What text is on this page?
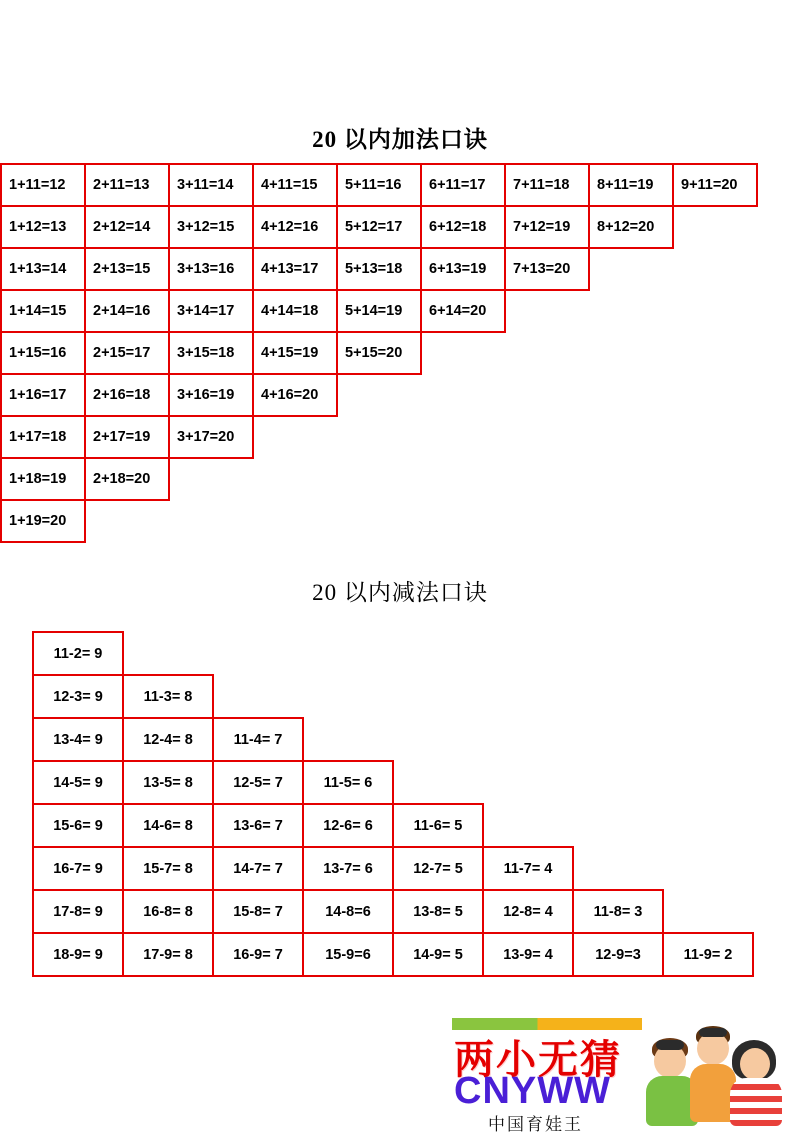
20 以内加法口诀
1+11=12	2+11=13	3+11=14	4+11=15	5+11=16	6+11=17	7+11=18	8+11=19	9+11=20
1+12=13	2+12=14	3+12=15	4+12=16	5+12=17	6+12=18	7+12=19	8+12=20
1+13=14	2+13=15	3+13=16	4+13=17	5+13=18	6+13=19	7+13=20
1+14=15	2+14=16	3+14=17	4+14=18	5+14=19	6+14=20
1+15=16	2+15=17	3+15=18	4+15=19	5+15=20
1+16=17	2+16=18	3+16=19	4+16=20
1+17=18	2+17=19	3+17=20
1+18=19	2+18=20
1+19=20
20 以内减法口诀
11-2= 9
12-3= 9	11-3= 8
13-4= 9	12-4= 8	11-4= 7
14-5= 9	13-5= 8	12-5= 7	11-5= 6
15-6= 9	14-6= 8	13-6= 7	12-6= 6	11-6= 5
16-7= 9	15-7= 8	14-7= 7	13-7= 6	12-7= 5	11-7= 4
17-8= 9	16-8= 8	15-8= 7	14-8=6	13-8= 5	12-8= 4	11-8= 3
18-9= 9	17-9= 8	16-9= 7	15-9=6	14-9= 5	13-9= 4	12-9=3	11-9= 2
两小无猜
CNYWW
中国育娃王
